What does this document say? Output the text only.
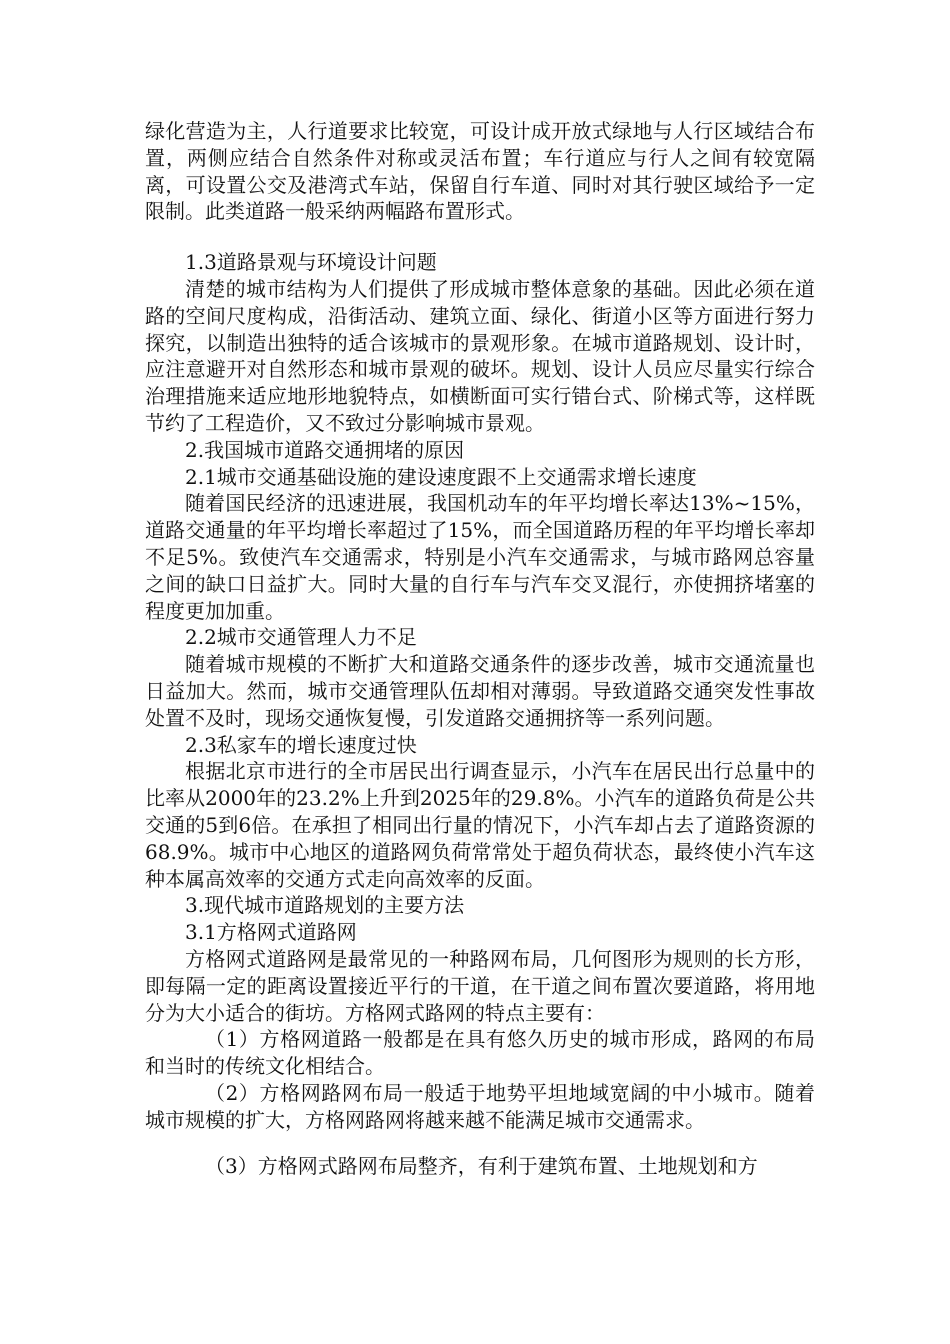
绿化营造为主，人行道要求比较宽，可设计成开放式绿地与人行区域结合布置，两侧应结合自然条件对称或灵活布置；车行道应与行人之间有较宽隔离，可设置公交及港湾式车站，保留自行车道、同时对其行驶区域给予一定限制。此类道路一般采纳两幅路布置形式。

1.3道路景观与环境设计问题

清楚的城市结构为人们提供了形成城市整体意象的基础。因此必须在道路的空间尺度构成，沿街活动、建筑立面、绿化、街道小区等方面进行努力探究，以制造出独特的适合该城市的景观形象。在城市道路规划、设计时，应注意避开对自然形态和城市景观的破坏。规划、设计人员应尽量实行综合治理措施来适应地形地貌特点，如横断面可实行错台式、阶梯式等，这样既节约了工程造价，又不致过分影响城市景观。

2.我国城市道路交通拥堵的原因

2.1城市交通基础设施的建设速度跟不上交通需求增长速度

随着国民经济的迅速进展，我国机动车的年平均增长率达13%~15%，道路交通量的年平均增长率超过了15%，而全国道路历程的年平均增长率却不足5%。致使汽车交通需求，特别是小汽车交通需求，与城市路网总容量之间的缺口日益扩大。同时大量的自行车与汽车交叉混行，亦使拥挤堵塞的程度更加加重。

2.2城市交通管理人力不足

随着城市规模的不断扩大和道路交通条件的逐步改善，城市交通流量也日益加大。然而，城市交通管理队伍却相对薄弱。导致道路交通突发性事故处置不及时，现场交通恢复慢，引发道路交通拥挤等一系列问题。

2.3私家车的增长速度过快

根据北京市进行的全市居民出行调查显示，小汽车在居民出行总量中的比率从2000年的23.2%上升到2025年的29.8%。小汽车的道路负荷是公共交通的5到6倍。在承担了相同出行量的情况下，小汽车却占去了道路资源的68.9%。城市中心地区的道路网负荷常常处于超负荷状态，最终使小汽车这种本属高效率的交通方式走向高效率的反面。

3.现代城市道路规划的主要方法

3.1方格网式道路网

方格网式道路网是最常见的一种路网布局，几何图形为规则的长方形，即每隔一定的距离设置接近平行的干道，在干道之间布置次要道路，将用地分为大小适合的街坊。方格网式路网的特点主要有：

（1）方格网道路一般都是在具有悠久历史的城市形成，路网的布局和当时的传统文化相结合。

（2）方格网路网布局一般适于地势平坦地域宽阔的中小城市。随着城市规模的扩大，方格网路网将越来越不能满足城市交通需求。

（3）方格网式路网布局整齐，有利于建筑布置、土地规划和方
